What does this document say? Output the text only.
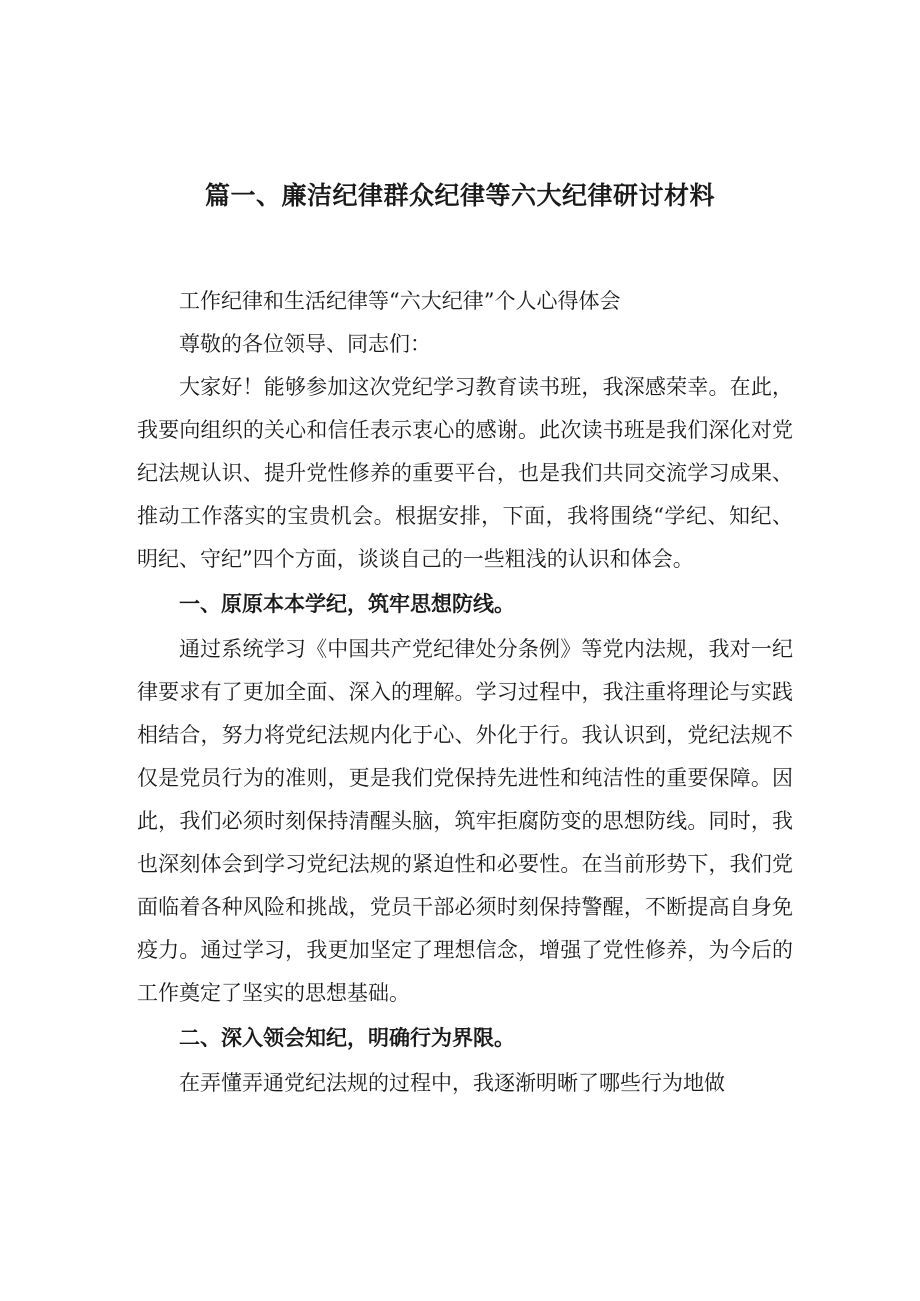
篇一、廉洁纪律群众纪律等六大纪律研讨材料

工作纪律和生活纪律等“六大纪律”个人心得体会

尊敬的各位领导、同志们：

大家好！能够参加这次党纪学习教育读书班，我深感荣幸。在此，我要向组织的关心和信任表示衷心的感谢。此次读书班是我们深化对党纪法规认识、提升党性修养的重要平台，也是我们共同交流学习成果、推动工作落实的宝贵机会。根据安排，下面，我将围绕“学纪、知纪、明纪、守纪”四个方面，谈谈自己的一些粗浅的认识和体会。

一、原原本本学纪，筑牢思想防线。

通过系统学习《中国共产党纪律处分条例》等党内法规，我对一纪律要求有了更加全面、深入的理解。学习过程中，我注重将理论与实践相结合，努力将党纪法规内化于心、外化于行。我认识到，党纪法规不仅是党员行为的准则，更是我们党保持先进性和纯洁性的重要保障。因此，我们必须时刻保持清醒头脑，筑牢拒腐防变的思想防线。同时，我也深刻体会到学习党纪法规的紧迫性和必要性。在当前形势下，我们党面临着各种风险和挑战，党员干部必须时刻保持警醒，不断提高自身免疫力。通过学习，我更加坚定了理想信念，增强了党性修养，为今后的工作奠定了坚实的思想基础。

二、深入领会知纪，明确行为界限。

在弄懂弄通党纪法规的过程中，我逐渐明晰了哪些行为地做
